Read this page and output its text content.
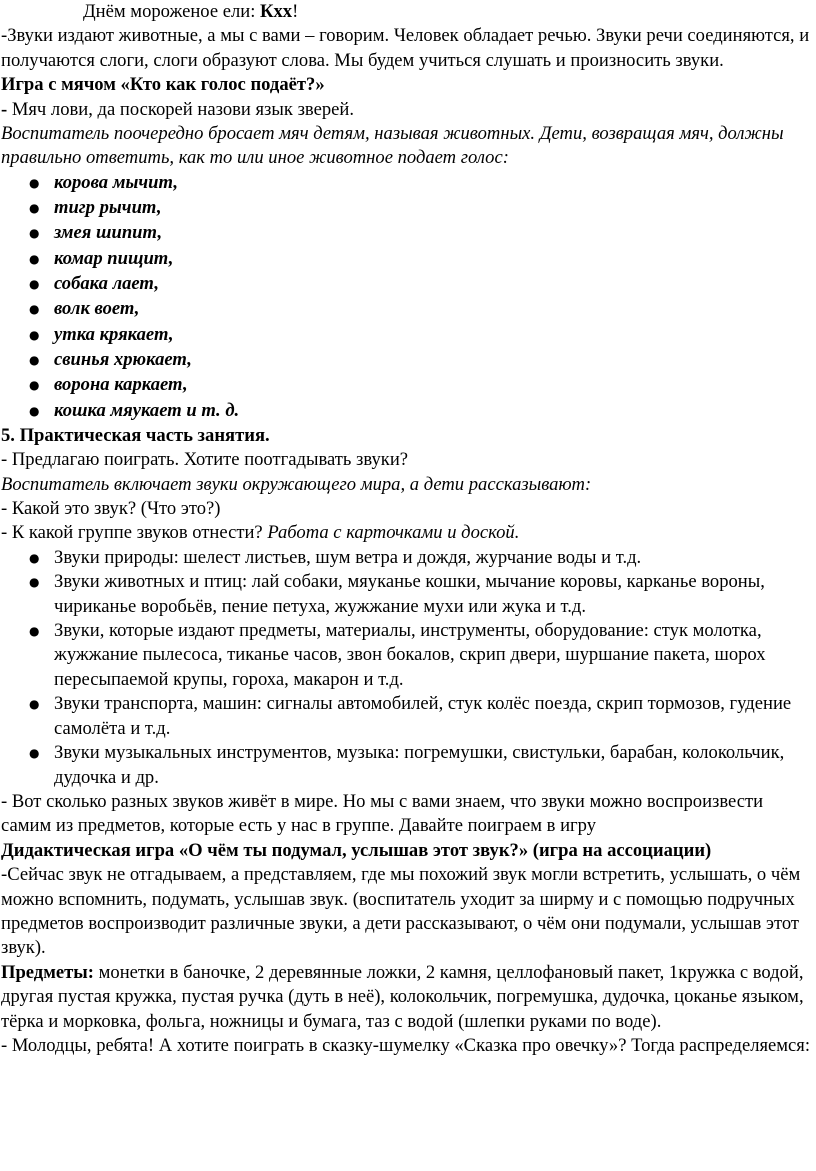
Днём мороженое ели: Кхх!

-Звуки издают животные, а мы с вами – говорим. Человек обладает речью. Звуки речи соединяются, и получаются слоги, слоги образуют слова. Мы будем учиться слушать и произносить звуки.

Игра с мячом «Кто как голос подаёт?»

- Мяч лови, да поскорей назови язык зверей.

Воспитатель поочередно бросает мяч детям, называя животных. Дети, возвращая мяч, должны правильно ответить, как то или иное животное подает голос:

● корова мычит,
● тигр рычит,
● змея шипит,
● комар пищит,
● собака лает,
● волк воет,
● утка крякает,
● свинья хрюкает,
● ворона каркает,
● кошка мяукает и т. д.

5. Практическая часть занятия.

- Предлагаю поиграть. Хотите поотгадывать звуки?

Воспитатель включает звуки окружающего мира, а дети рассказывают:

- Какой это звук? (Что это?)

- К какой группе звуков отнести? Работа с карточками и доской.

● Звуки природы: шелест листьев, шум ветра и дождя, журчание воды и т.д.
● Звуки животных и птиц: лай собаки, мяуканье кошки, мычание коровы, карканье вороны, чириканье воробьёв, пение петуха, жужжание мухи или жука и т.д.
● Звуки, которые издают предметы, материалы, инструменты, оборудование: стук молотка, жужжание пылесоса, тиканье часов, звон бокалов, скрип двери, шуршание пакета, шорох пересыпаемой крупы, гороха, макарон и т.д.
● Звуки транспорта, машин: сигналы автомобилей, стук колёс поезда, скрип тормозов, гудение самолёта и т.д.
● Звуки музыкальных инструментов, музыка: погремушки, свистульки, барабан, колокольчик, дудочка и др.

- Вот сколько разных звуков живёт в мире. Но мы с вами знаем, что звуки можно воспроизвести самим из предметов, которые есть у нас в группе. Давайте поиграем в игру

Дидактическая игра «О чём ты подумал, услышав этот звук?» (игра на ассоциации)

-Сейчас звук не отгадываем, а представляем, где мы похожий звук могли встретить, услышать, о чём можно вспомнить, подумать, услышав звук. (воспитатель уходит за ширму и с помощью подручных предметов воспроизводит различные звуки, а дети рассказывают, о чём они подумали, услышав этот звук).

Предметы: монетки в баночке, 2 деревянные ложки, 2 камня, целлофановый пакет, 1кружка с водой, другая пустая кружка, пустая ручка (дуть в неё), колокольчик, погремушка, дудочка, цоканье языком, тёрка и морковка, фольга, ножницы и бумага, таз с водой (шлепки руками по воде).

- Молодцы, ребята! А хотите поиграть в сказку-шумелку «Сказка про овечку»? Тогда распределяемся:
